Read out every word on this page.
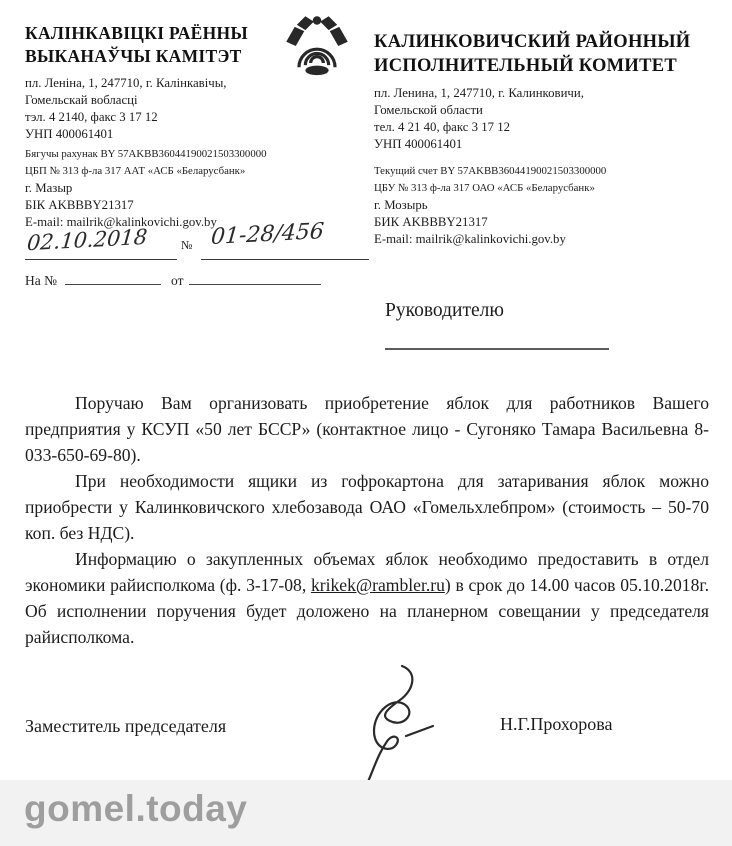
КАЛІНКАВІЦКІ РАЁННЫ
ВЫКАНАЎЧЫ КАМІТЭТ
пл. Леніна, 1, 247710, г. Калінкавічы,
Гомельскай вобласці
тэл. 4 2140, факс 3 17 12
УНП 400061401
Бягучы рахунак BY 57AKBB36044190021503300000
ЦБП № 313 ф-ла 317 ААТ «АСБ «Беларусбанк»
г. Мазыр
БІК AKBBBY21317
E-mail: mailrik@kalinkovichi.gov.by
КАЛИНКОВИЧСКИЙ РАЙОННЫЙ
ИСПОЛНИТЕЛЬНЫЙ КОМИТЕТ
пл. Ленина, 1, 247710, г. Калинковичи,
Гомельской области
тел. 4 21 40, факс 3 17 12
УНП 400061401
Текущий счет BY 57AKBB36044190021503300000
ЦБУ № 313 ф-ла 317 ОАО «АСБ «Беларусбанк»
г. Мозырь
БИК AKBBBY21317
E-mail: mailrik@kalinkovichi.gov.by
02.10.2018	№ 01-28/456
На №	от
Руководителю

Поручаю Вам организовать приобретение яблок для работников Вашего предприятия у КСУП «50 лет БССР» (контактное лицо - Сугоняко Тамара Васильевна 8-033-650-69-80).

При необходимости ящики из гофрокартона для затаривания яблок можно приобрести у Калинковичского хлебозавода ОАО «Гомельхлебпром» (стоимость – 50-70 коп. без НДС).

Информацию о закупленных объемах яблок необходимо предоставить в отдел экономики райисполкома (ф. 3-17-08, krikek@rambler.ru) в срок до 14.00 часов 05.10.2018г. Об исполнении поручения будет доложено на планерном совещании у председателя райисполкома.

Заместитель председателя	Н.Г.Прохорова
gomel.today
